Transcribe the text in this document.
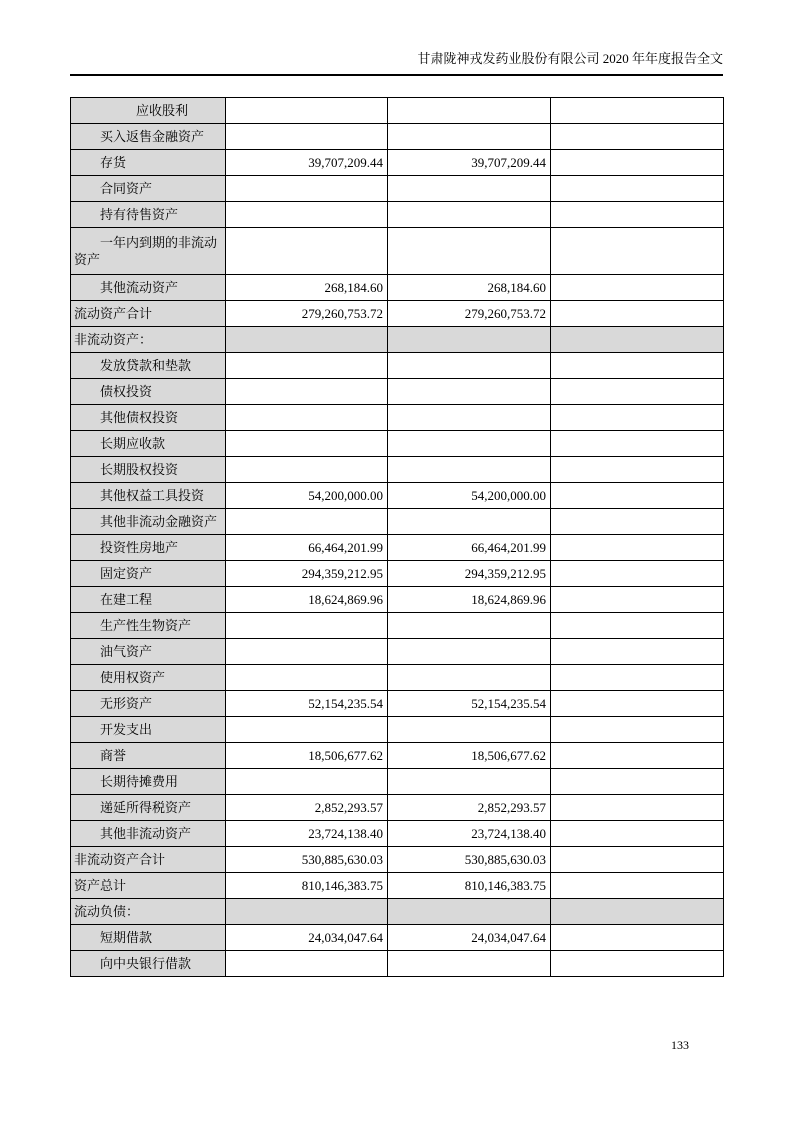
甘肃陇神戎发药业股份有限公司 2020 年年度报告全文
应收股利			
买入返售金融资产			
存货	39,707,209.44	39,707,209.44	
合同资产			
持有待售资产			
一年内到期的非流动资产			
其他流动资产	268,184.60	268,184.60	
流动资产合计	279,260,753.72	279,260,753.72	
非流动资产：			
发放贷款和垫款			
债权投资			
其他债权投资			
长期应收款			
长期股权投资			
其他权益工具投资	54,200,000.00	54,200,000.00	
其他非流动金融资产			
投资性房地产	66,464,201.99	66,464,201.99	
固定资产	294,359,212.95	294,359,212.95	
在建工程	18,624,869.96	18,624,869.96	
生产性生物资产			
油气资产			
使用权资产			
无形资产	52,154,235.54	52,154,235.54	
开发支出			
商誉	18,506,677.62	18,506,677.62	
长期待摊费用			
递延所得税资产	2,852,293.57	2,852,293.57	
其他非流动资产	23,724,138.40	23,724,138.40	
非流动资产合计	530,885,630.03	530,885,630.03	
资产总计	810,146,383.75	810,146,383.75	
流动负债：			
短期借款	24,034,047.64	24,034,047.64	
向中央银行借款			
133
